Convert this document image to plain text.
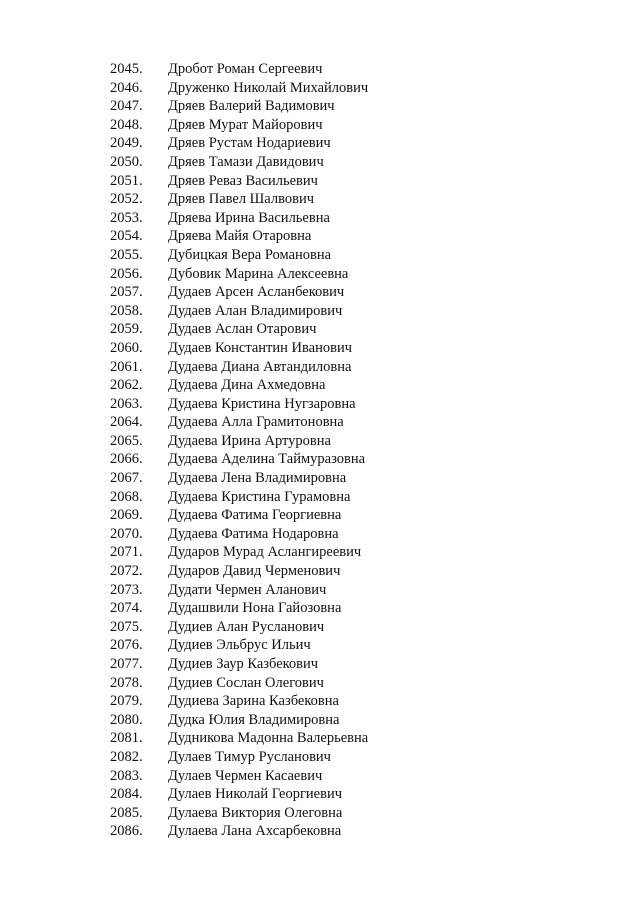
2045.	Дробот Роман Сергеевич
2046.	Друженко Николай Михайлович
2047.	Дряев Валерий Вадимович
2048.	Дряев Мурат Майорович
2049.	Дряев Рустам Нодариевич
2050.	Дряев Тамази Давидович
2051.	Дряев Реваз Васильевич
2052.	Дряев Павел Шалвович
2053.	Дряева Ирина Васильевна
2054.	Дряева Майя Отаровна
2055.	Дубицкая Вера Романовна
2056.	Дубовик Марина Алексеевна
2057.	Дудаев Арсен Асланбекович
2058.	Дудаев Алан Владимирович
2059.	Дудаев Аслан Отарович
2060.	Дудаев Константин Иванович
2061.	Дудаева Диана Автандиловна
2062.	Дудаева Дина Ахмедовна
2063.	Дудаева Кристина Нугзаровна
2064.	Дудаева Алла Грамитоновна
2065.	Дудаева Ирина Артуровна
2066.	Дудаева Аделина Таймуразовна
2067.	Дудаева Лена Владимировна
2068.	Дудаева Кристина Гурамовна
2069.	Дудаева Фатима Георгиевна
2070.	Дудаева Фатима Нодаровна
2071.	Дударов Мурад Аслангиреевич
2072.	Дударов Давид Черменович
2073.	Дудати Чермен Аланович
2074.	Дудашвили Нона Гайозовна
2075.	Дудиев Алан Русланович
2076.	Дудиев Эльбрус Ильич
2077.	Дудиев Заур Казбекович
2078.	Дудиев Сослан Олегович
2079.	Дудиева Зарина Казбековна
2080.	Дудка Юлия Владимировна
2081.	Дудникова Мадонна Валерьевна
2082.	Дулаев Тимур Русланович
2083.	Дулаев Чермен Касаевич
2084.	Дулаев Николай Георгиевич
2085.	Дулаева Виктория Олеговна
2086.	Дулаева Лана Ахсарбековна
